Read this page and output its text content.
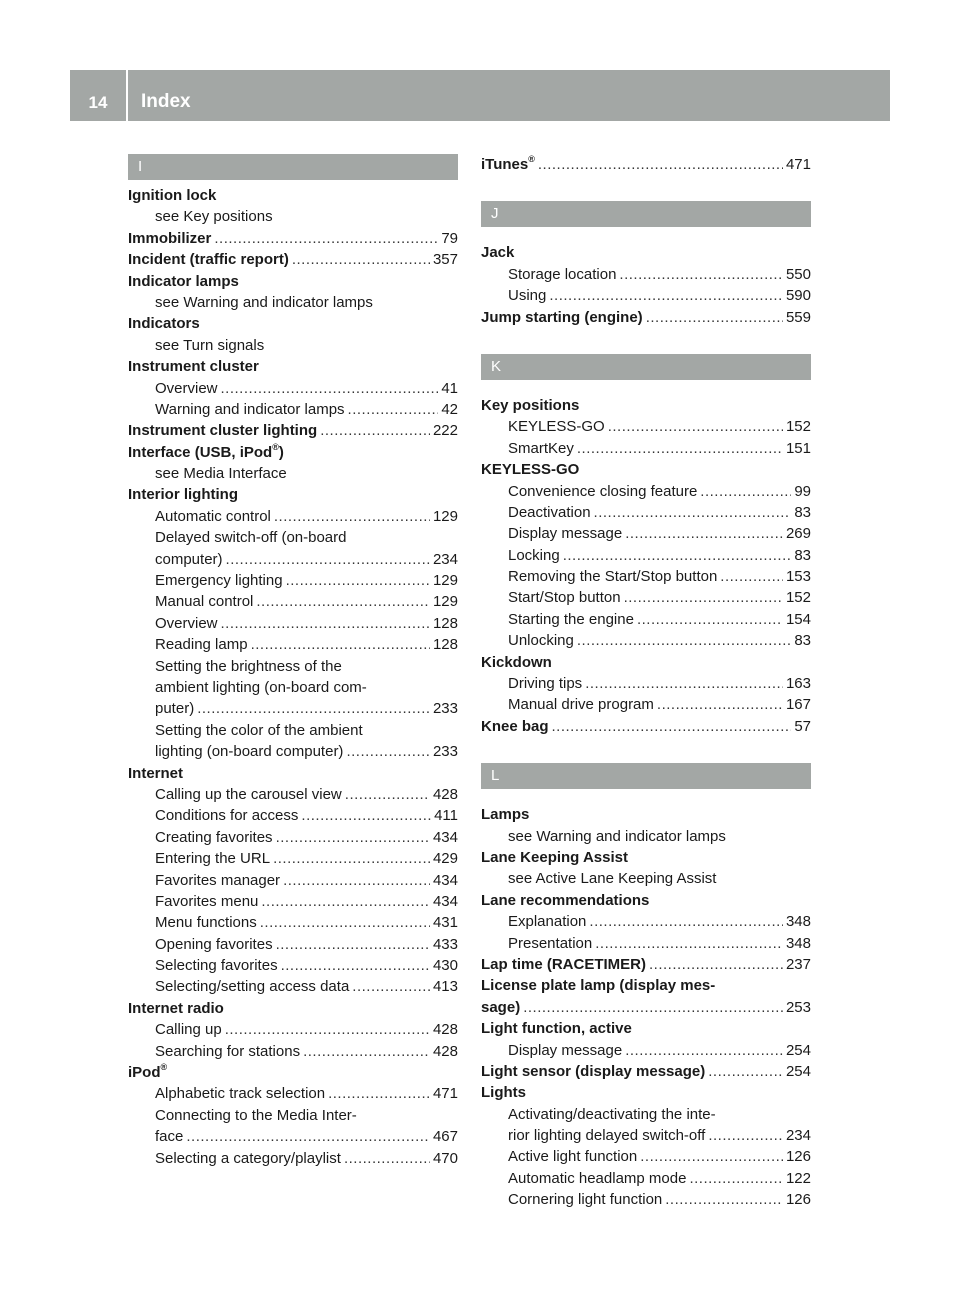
14	Index
I
Ignition lock
see Key positions
Immobilizer .....	79
Incident (traffic report) .....	357
Indicator lamps
see Warning and indicator lamps
Indicators
see Turn signals
Instrument cluster
Overview .....	41
Warning and indicator lamps .....	42
Instrument cluster lighting .....	222
Interface (USB, iPod®)
see Media Interface
Interior lighting
Automatic control .....	129
Delayed switch-off (on-board
computer) .....	234
Emergency lighting .....	129
Manual control .....	129
Overview .....	128
Reading lamp .....	128
Setting the brightness of the
ambient lighting (on-board com-
puter) .....	233
Setting the color of the ambient
lighting (on-board computer) .....	233
Internet
Calling up the carousel view .....	428
Conditions for access .....	411
Creating favorites .....	434
Entering the URL .....	429
Favorites manager .....	434
Favorites menu .....	434
Menu functions .....	431
Opening favorites .....	433
Selecting favorites .....	430
Selecting/setting access data .....	413
Internet radio
Calling up .....	428
Searching for stations .....	428
iPod®
Alphabetic track selection .....	471
Connecting to the Media Inter-
face .....	467
Selecting a category/playlist .....	470
iTunes® .....	471
J
Jack
Storage location .....	550
Using .....	590
Jump starting (engine) .....	559
K
Key positions
KEYLESS-GO .....	152
SmartKey .....	151
KEYLESS-GO
Convenience closing feature .....	99
Deactivation .....	83
Display message .....	269
Locking .....	83
Removing the Start/Stop button .....	153
Start/Stop button .....	152
Starting the engine .....	154
Unlocking .....	83
Kickdown
Driving tips .....	163
Manual drive program .....	167
Knee bag .....	57
L
Lamps
see Warning and indicator lamps
Lane Keeping Assist
see Active Lane Keeping Assist
Lane recommendations
Explanation .....	348
Presentation .....	348
Lap time (RACETIMER) .....	237
License plate lamp (display mes-
sage) .....	253
Light function, active
Display message .....	254
Light sensor (display message) .....	254
Lights
Activating/deactivating the inte-
rior lighting delayed switch-off .....	234
Active light function .....	126
Automatic headlamp mode .....	122
Cornering light function .....	126
